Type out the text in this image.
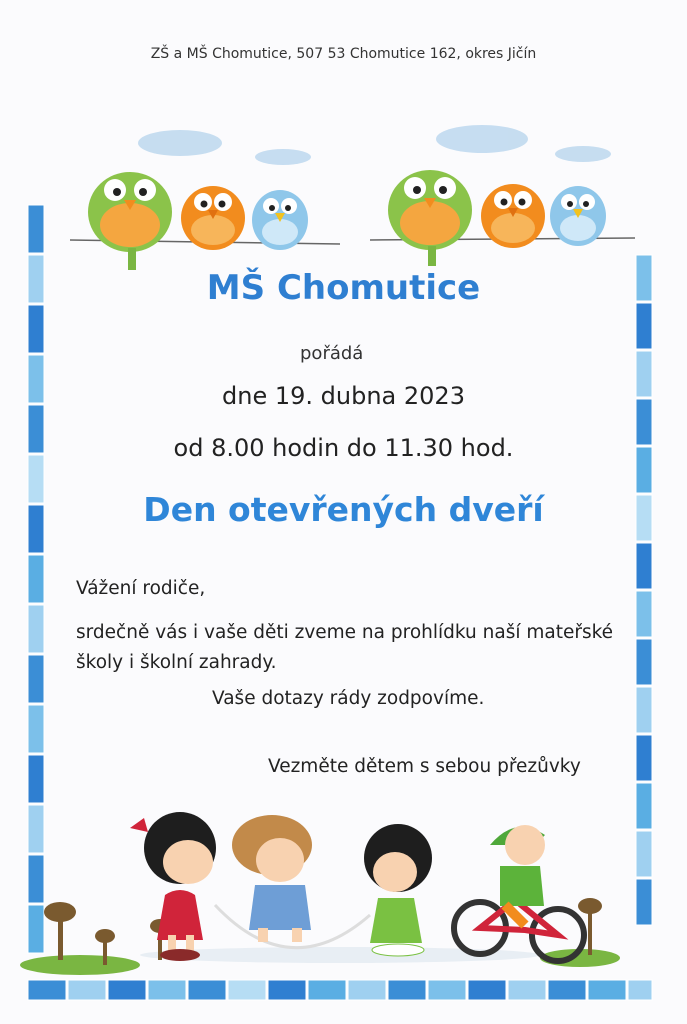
ZŠ a MŠ Chomutice, 507 53 Chomutice 162, okres Jičín
MŠ Chomutice
pořádá
dne 19. dubna 2023
od 8.00 hodin do 11.30 hod.
Den otevřených dveří
Vážení rodiče,
srdečně vás i vaše děti zveme na prohlídku naší mateřské školy i školní zahrady.
Vaše dotazy rády zodpovíme.
Vezměte dětem s sebou přezůvky
